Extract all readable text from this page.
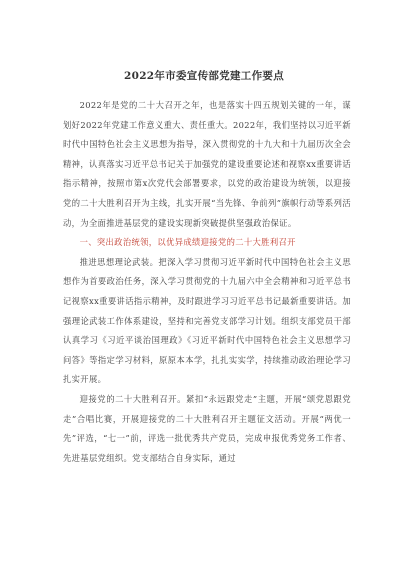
2022年市委宣传部党建工作要点

2022年是党的二十大召开之年，也是落实十四五规划关键的一年，谋划好2022年党建工作意义重大、责任重大。2022年，我们坚持以习近平新时代中国特色社会主义思想为指导，深入贯彻党的十九大和十九届历次全会精神，认真落实习近平总书记关于加强党的建设重要论述和视察xx重要讲话指示精神，按照市第x次党代会部署要求，以党的政治建设为统领，以迎接党的二十大胜利召开为主线，扎实开展“当先锋、争前列”旗帜行动等系列活动，为全面推进基层党的建设实现新突破提供坚强政治保证。

一、突出政治统领，以优异成绩迎接党的二十大胜利召开

推进思想理论武装。把深入学习贯彻习近平新时代中国特色社会主义思想作为首要政治任务，深入学习贯彻党的十九届六中全会精神和习近平总书记视察xx重要讲话指示精神，及时跟进学习习近平总书记最新重要讲话。加强理论武装工作体系建设，坚持和完善党支部学习计划。组织支部党员干部认真学习《习近平谈治国理政》《习近平新时代中国特色社会主义思想学习问答》等指定学习材料，原原本本学，扎扎实实学，持续推动政治理论学习扎实开展。

迎接党的二十大胜利召开。紧扣“永远跟党走”主题，开展“颂党恩跟党走”合唱比赛，开展迎接党的二十大胜利召开主题征文活动。开展“两优一先”评选，“七一”前，评选一批优秀共产党员，完成申报优秀党务工作者、先进基层党组织。党支部结合自身实际，通过
